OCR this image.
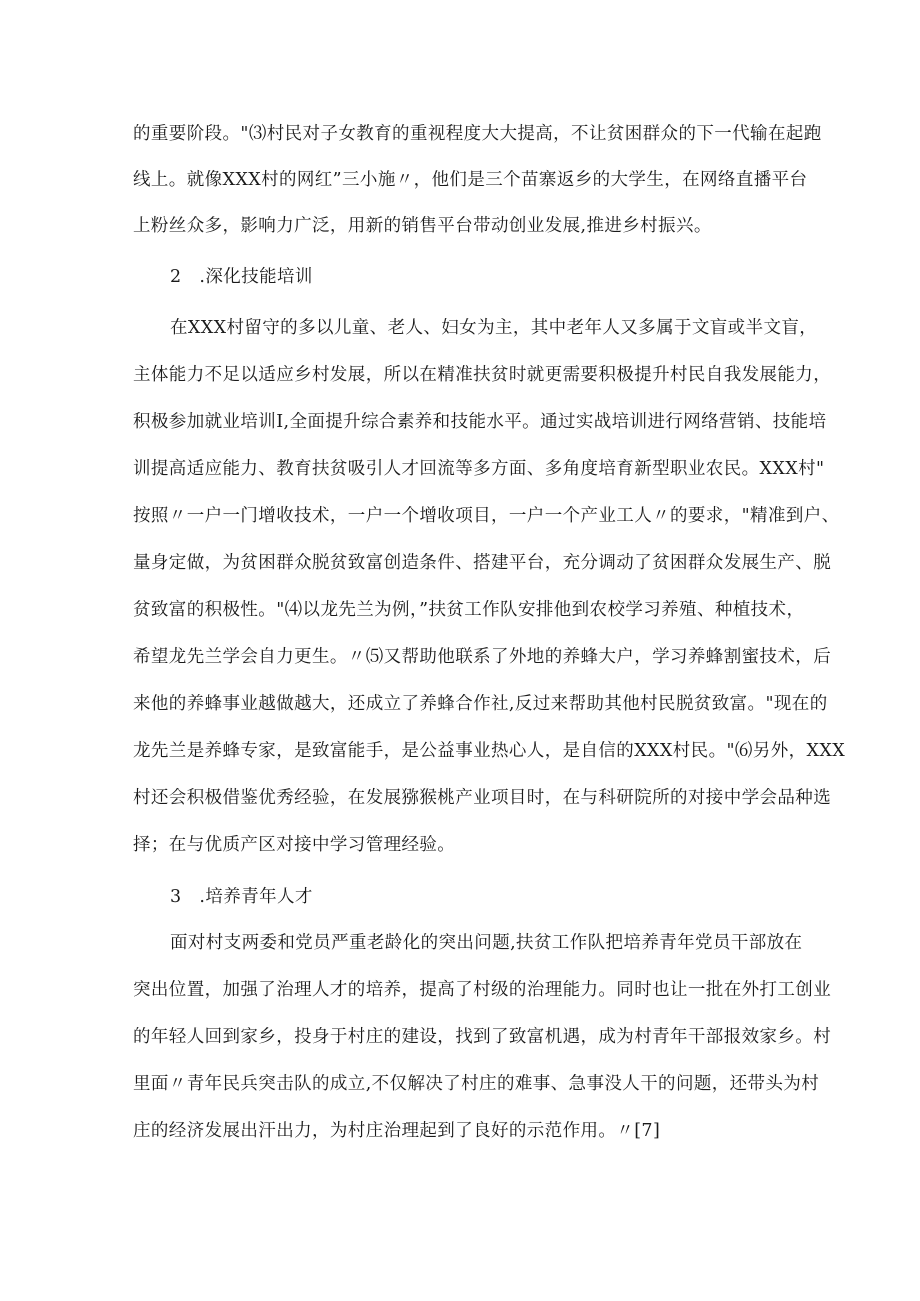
的重要阶段。"⑶村民对子女教育的重视程度大大提高，不让贫困群众的下一代输在起跑
线上。就像XXX村的网红”三小施〃，他们是三个苗寨返乡的大学生，在网络直播平台
上粉丝众多，影响力广泛，用新的销售平台带动创业发展,推进乡村振兴。
2 .深化技能培训
在XXX村留守的多以儿童、老人、妇女为主，其中老年人又多属于文盲或半文盲，
主体能力不足以适应乡村发展，所以在精准扶贫时就更需要积极提升村民自我发展能力，
积极参加就业培训I,全面提升综合素养和技能水平。通过实战培训进行网络营销、技能培
训提高适应能力、教育扶贫吸引人才回流等多方面、多角度培育新型职业农民。XXX村"
按照〃一户一门增收技术，一户一个增收项目，一户一个产业工人〃的要求，"精准到户、
量身定做，为贫困群众脱贫致富创造条件、搭建平台，充分调动了贫困群众发展生产、脱
贫致富的积极性。"⑷以龙先兰为例，”扶贫工作队安排他到农校学习养殖、种植技术，
希望龙先兰学会自力更生。〃⑸又帮助他联系了外地的养蜂大户，学习养蜂割蜜技术，后
来他的养蜂事业越做越大，还成立了养蜂合作社,反过来帮助其他村民脱贫致富。"现在的
龙先兰是养蜂专家，是致富能手，是公益事业热心人，是自信的XXX村民。"⑹另外，XXX
村还会积极借鉴优秀经验，在发展猕猴桃产业项目时，在与科研院所的对接中学会品种选
择；在与优质产区对接中学习管理经验。
3 .培养青年人才
面对村支两委和党员严重老龄化的突出问题,扶贫工作队把培养青年党员干部放在
突出位置，加强了治理人才的培养，提高了村级的治理能力。同时也让一批在外打工创业
的年轻人回到家乡，投身于村庄的建设，找到了致富机遇，成为村青年干部报效家乡。村
里面〃青年民兵突击队的成立,不仅解决了村庄的难事、急事没人干的问题，还带头为村
庄的经济发展出汗出力，为村庄治理起到了良好的示范作用。〃[7]
